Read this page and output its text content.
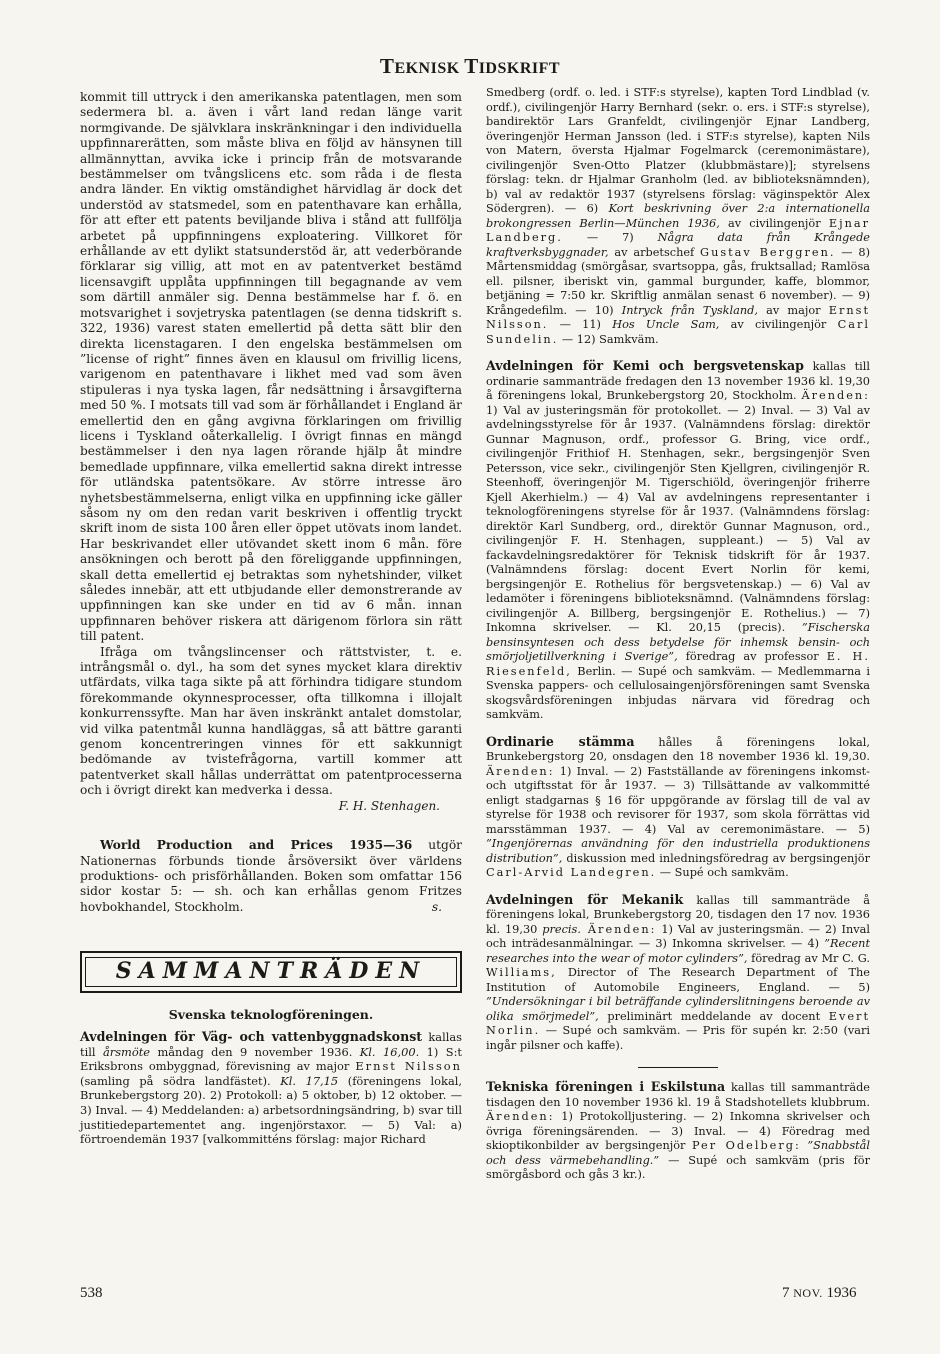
TEKNISK TIDSKRIFT

kommit till uttryck i den amerikanska patentlagen, men som sedermera bl. a. även i vårt land redan länge varit normgivande. De självklara inskränkningar i den individuella uppfinnarerätten, som måste bliva en följd av hänsynen till allmännyttan, avvika icke i princip från de motsvarande bestämmelser om tvångslicens etc. som råda i de flesta andra länder. En viktig omständighet härvidlag är dock det understöd av statsmedel, som en patenthavare kan erhålla, för att efter ett patents beviljande bliva i stånd att fullfölja arbetet på uppfinningens exploatering. Villkoret för erhållande av ett dylikt statsunderstöd är, att vederbörande förklarar sig villig, att mot en av patentverket bestämd licensavgift upplåta uppfinningen till begagnande av vem som därtill anmäler sig. Denna bestämmelse har f. ö. en motsvarighet i sovjetryska patentlagen (se denna tidskrift s. 322, 1936) varest staten emellertid på detta sätt blir den direkta licenstagaren. I den engelska bestämmelsen om ”license of right” finnes även en klausul om frivillig licens, varigenom en patenthavare i likhet med vad som även stipuleras i nya tyska lagen, får nedsättning i årsavgifterna med 50 %. I motsats till vad som är förhållandet i England är emellertid den en gång avgivna förklaringen om frivillig licens i Tyskland oåterkallelig. I övrigt finnas en mängd bestämmelser i den nya lagen rörande hjälp åt mindre bemedlade uppfinnare, vilka emellertid sakna direkt intresse för utländska patentsökare. Av större intresse äro nyhetsbestämmelserna, enligt vilka en uppfinning icke gäller såsom ny om den redan varit beskriven i offentlig tryckt skrift inom de sista 100 åren eller öppet utövats inom landet. Har beskrivandet eller utövandet skett inom 6 mån. före ansökningen och berott på den föreliggande uppfinningen, skall detta emellertid ej betraktas som nyhetshinder, vilket således innebär, att ett utbjudande eller demonstrerande av uppfinningen kan ske under en tid av 6 mån. innan uppfinnaren behöver riskera att därigenom förlora sin rätt till patent.

Ifråga om tvångslincenser och rättstvister, t. e. intrångsmål o. dyl., ha som det synes mycket klara direktiv utfärdats, vilka taga sikte på att förhindra tidigare stundom förekommande okynnesprocesser, ofta tillkomna i illojalt konkurrenssyfte. Man har även inskränkt antalet domstolar, vid vilka patentmål kunna handläggas, så att bättre garanti genom koncentreringen vinnes för ett sakkunnigt bedömande av tvistefrågorna, vartill kommer att patentverket skall hållas underrättat om patentprocesserna och i övrigt direkt kan medverka i dessa.

F. H. Stenhagen.

World Production and Prices 1935—36 utgör Nationernas förbunds tionde årsöversikt över världens produktions- och prisförhållanden. Boken som omfattar 156 sidor kostar 5: — sh. och kan erhållas genom Fritzes hovbokhandel, Stockholm.	s.

SAMMANTRÄDEN

Svenska teknologföreningen.

Avdelningen för Väg- och vattenbyggnadskonst kallas till årsmöte måndag den 9 november 1936. Kl. 16,00. 1) S:t Eriksbrons ombyggnad, förevisning av major Ernst Nilsson (samling på södra landfästet). Kl. 17,15 (föreningens lokal, Brunkebergstorg 20). 2) Protokoll: a) 5 oktober, b) 12 oktober. — 3) Inval. — 4) Meddelanden: a) arbetsordningsändring, b) svar till justitiedepartementet ang. ingenjörstaxor. — 5) Val: a) förtroendemän 1937 [valkommitténs förslag: major Richard

Smedberg (ordf. o. led. i STF:s styrelse), kapten Tord Lindblad (v. ordf.), civilingenjör Harry Bernhard (sekr. o. ers. i STF:s styrelse), bandirektör Lars Granfeldt, civilingenjör Ejnar Landberg, överingenjör Herman Jansson (led. i STF:s styrelse), kapten Nils von Matern, översta Hjalmar Fogelmarck (ceremonimästare), civilingenjör Sven-Otto Platzer (klubbmästare)]; styrelsens förslag: tekn. dr Hjalmar Granholm (led. av biblioteksnämnden), b) val av redaktör 1937 (styrelsens förslag: väginspektör Alex Södergren). — 6) Kort beskrivning över 2:a internationella brokongressen Berlin—München 1936, av civilingenjör Ejnar Landberg. — 7) Några data från Krångede kraftverksbyggnader, av arbetschef Gustav Berggren. — 8) Mårtensmiddag (smörgåsar, svartsoppa, gås, fruktsallad; Ramlösa ell. pilsner, iberiskt vin, gammal burgunder, kaffe, blommor, betjäning = 7:50 kr. Skriftlig anmälan senast 6 november). — 9) Krångedefilm. — 10) Intryck från Tyskland, av major Ernst Nilsson. — 11) Hos Uncle Sam, av civilingenjör Carl Sundelin. — 12) Samkväm.

Avdelningen för Kemi och bergsvetenskap kallas till ordinarie sammanträde fredagen den 13 november 1936 kl. 19,30 å föreningens lokal, Brunkebergstorg 20, Stockholm. Ärenden: 1) Val av justeringsmän för protokollet. — 2) Inval. — 3) Val av avdelningsstyrelse för år 1937. (Valnämndens förslag: direktör Gunnar Magnuson, ordf., professor G. Bring, vice ordf., civilingenjör Frithiof H. Stenhagen, sekr., bergsingenjör Sven Petersson, vice sekr., civilingenjör Sten Kjellgren, civilingenjör R. Steenhoff, överingenjör M. Tigerschiöld, överingenjör friherre Kjell Akerhielm.) — 4) Val av avdelningens representanter i teknologföreningens styrelse för år 1937. (Valnämndens förslag: direktör Karl Sundberg, ord., direktör Gunnar Magnuson, ord., civilingenjör F. H. Stenhagen, suppleant.) — 5) Val av fackavdelningsredaktörer för Teknisk tidskrift för år 1937. (Valnämndens förslag: docent Evert Norlin för kemi, bergsingenjör E. Rothelius för bergsvetenskap.) — 6) Val av ledamöter i föreningens biblioteksnämnd. (Valnämndens förslag: civilingenjör A. Billberg, bergsingenjör E. Rothelius.) — 7) Inkomna skrivelser. — Kl. 20,15 (precis). ”Fischerska bensinsyntesen och dess betydelse för inhemsk bensin- och smörjoljetillverkning i Sverige”, föredrag av professor E. H. Riesenfeld, Berlin. — Supé och samkväm. — Medlemmarna i Svenska pappers- och cellulosaingenjörsföreningen samt Svenska skogsvårdsföreningen inbjudas närvara vid föredrag och samkväm.

Ordinarie stämma hålles å föreningens lokal, Brunkebergstorg 20, onsdagen den 18 november 1936 kl. 19,30. Ärenden: 1) Inval. — 2) Fastställande av föreningens inkomst- och utgiftsstat för år 1937. — 3) Tillsättande av valkommitté enligt stadgarnas § 16 för uppgörande av förslag till de val av styrelse för 1938 och revisorer för 1937, som skola förrättas vid marsstämman 1937. — 4) Val av ceremonimästare. — 5) ”Ingenjörernas användning för den industriella produktionens distribution”, diskussion med inledningsföredrag av bergsingenjör Carl-Arvid Landegren. — Supé och samkväm.

Avdelningen för Mekanik kallas till sammanträde å föreningens lokal, Brunkebergstorg 20, tisdagen den 17 nov. 1936 kl. 19,30 precis. Ärenden: 1) Val av justeringsmän. — 2) Inval och inträdesanmälningar. — 3) Inkomna skrivelser. — 4) ”Recent researches into the wear of motor cylinders”, föredrag av Mr C. G. Williams, Director of The Research Department of The Institution of Automobile Engineers, England. — 5) ”Undersökningar i bil beträffande cylinderslitningens beroende av olika smörjmedel”, preliminärt meddelande av docent Evert Norlin. — Supé och samkväm. — Pris för supén kr. 2:50 (vari ingår pilsner och kaffe).

Tekniska föreningen i Eskilstuna kallas till sammanträde tisdagen den 10 november 1936 kl. 19 å Stadshotellets klubbrum. Ärenden: 1) Protokolljustering. — 2) Inkomna skrivelser och övriga föreningsärenden. — 3) Inval. — 4) Föredrag med skioptikonbilder av bergsingenjör Per Odelberg: ”Snabbstål och dess värmebehandling.” — Supé och samkväm (pris för smörgåsbord och gås 3 kr.).

538	7 NOV. 1936
